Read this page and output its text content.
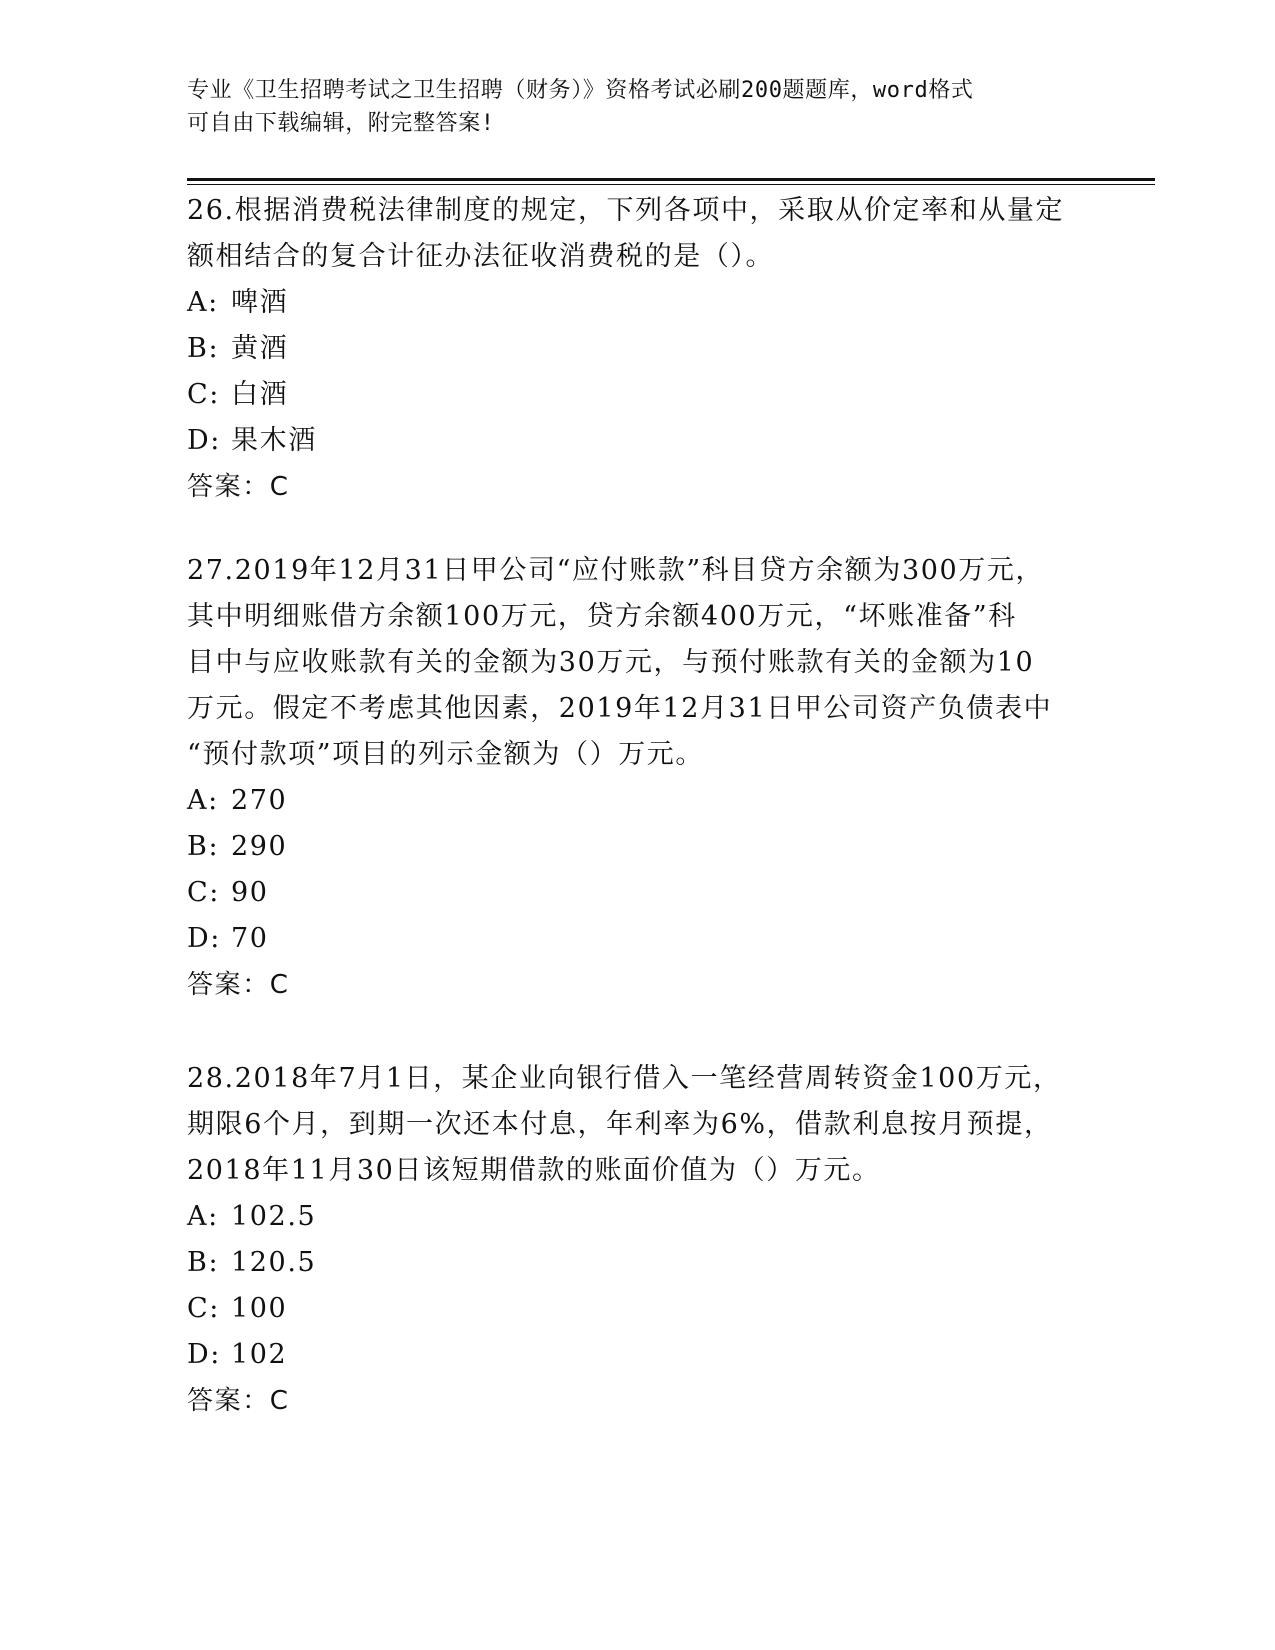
专业《卫生招聘考试之卫生招聘（财务）》资格考试必刷200题题库，word格式
可自由下载编辑，附完整答案!

26.根据消费税法律制度的规定，下列各项中，采取从价定率和从量定

额相结合的复合计征办法征收消费税的是（）。

A: 啤酒

B: 黄酒

C: 白酒

D: 果木酒

答案：C

27.2019年12月31日甲公司“应付账款”科目贷方余额为300万元，

其中明细账借方余额100万元，贷方余额400万元，“坏账准备”科

目中与应收账款有关的金额为30万元，与预付账款有关的金额为10

万元。假定不考虑其他因素，2019年12月31日甲公司资产负债表中

“预付款项”项目的列示金额为（）万元。

A: 270

B: 290

C: 90

D: 70

答案：C

28.2018年7月1日，某企业向银行借入一笔经营周转资金100万元，

期限6个月，到期一次还本付息，年利率为6%，借款利息按月预提，

2018年11月30日该短期借款的账面价值为（）万元。

A: 102.5

B: 120.5

C: 100

D: 102

答案：C
